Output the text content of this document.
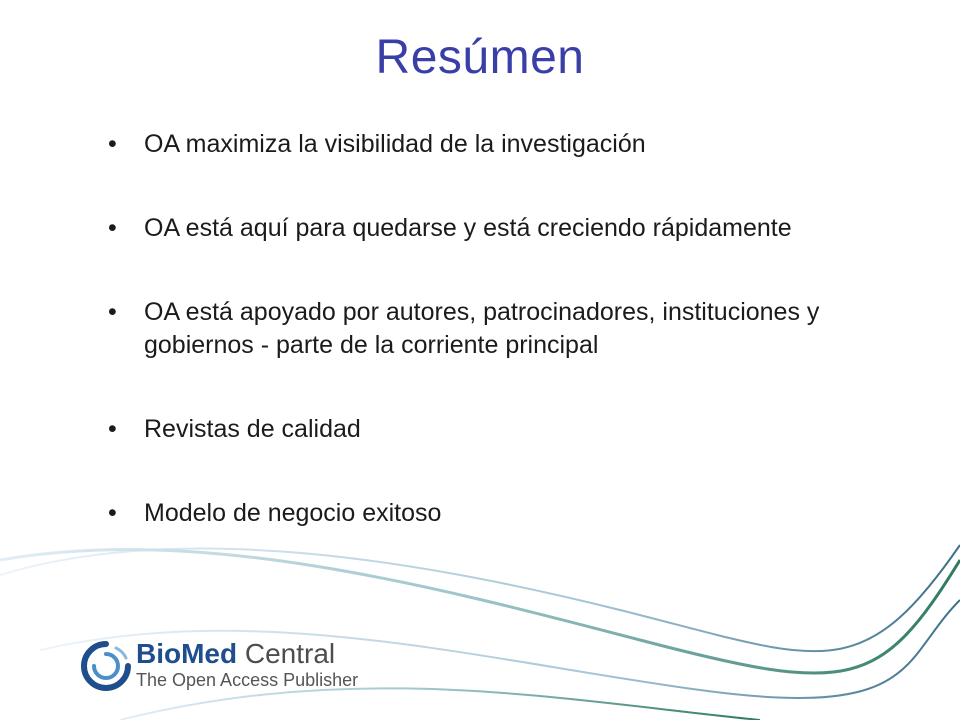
Resúmen
• OA maximiza la visibilidad de la investigación
• OA está aquí para quedarse y está creciendo rápidamente
• OA está apoyado por autores, patrocinadores, instituciones y gobiernos - parte de la corriente principal
• Revistas de calidad
• Modelo de negocio exitoso
BioMed Central
The Open Access Publisher
